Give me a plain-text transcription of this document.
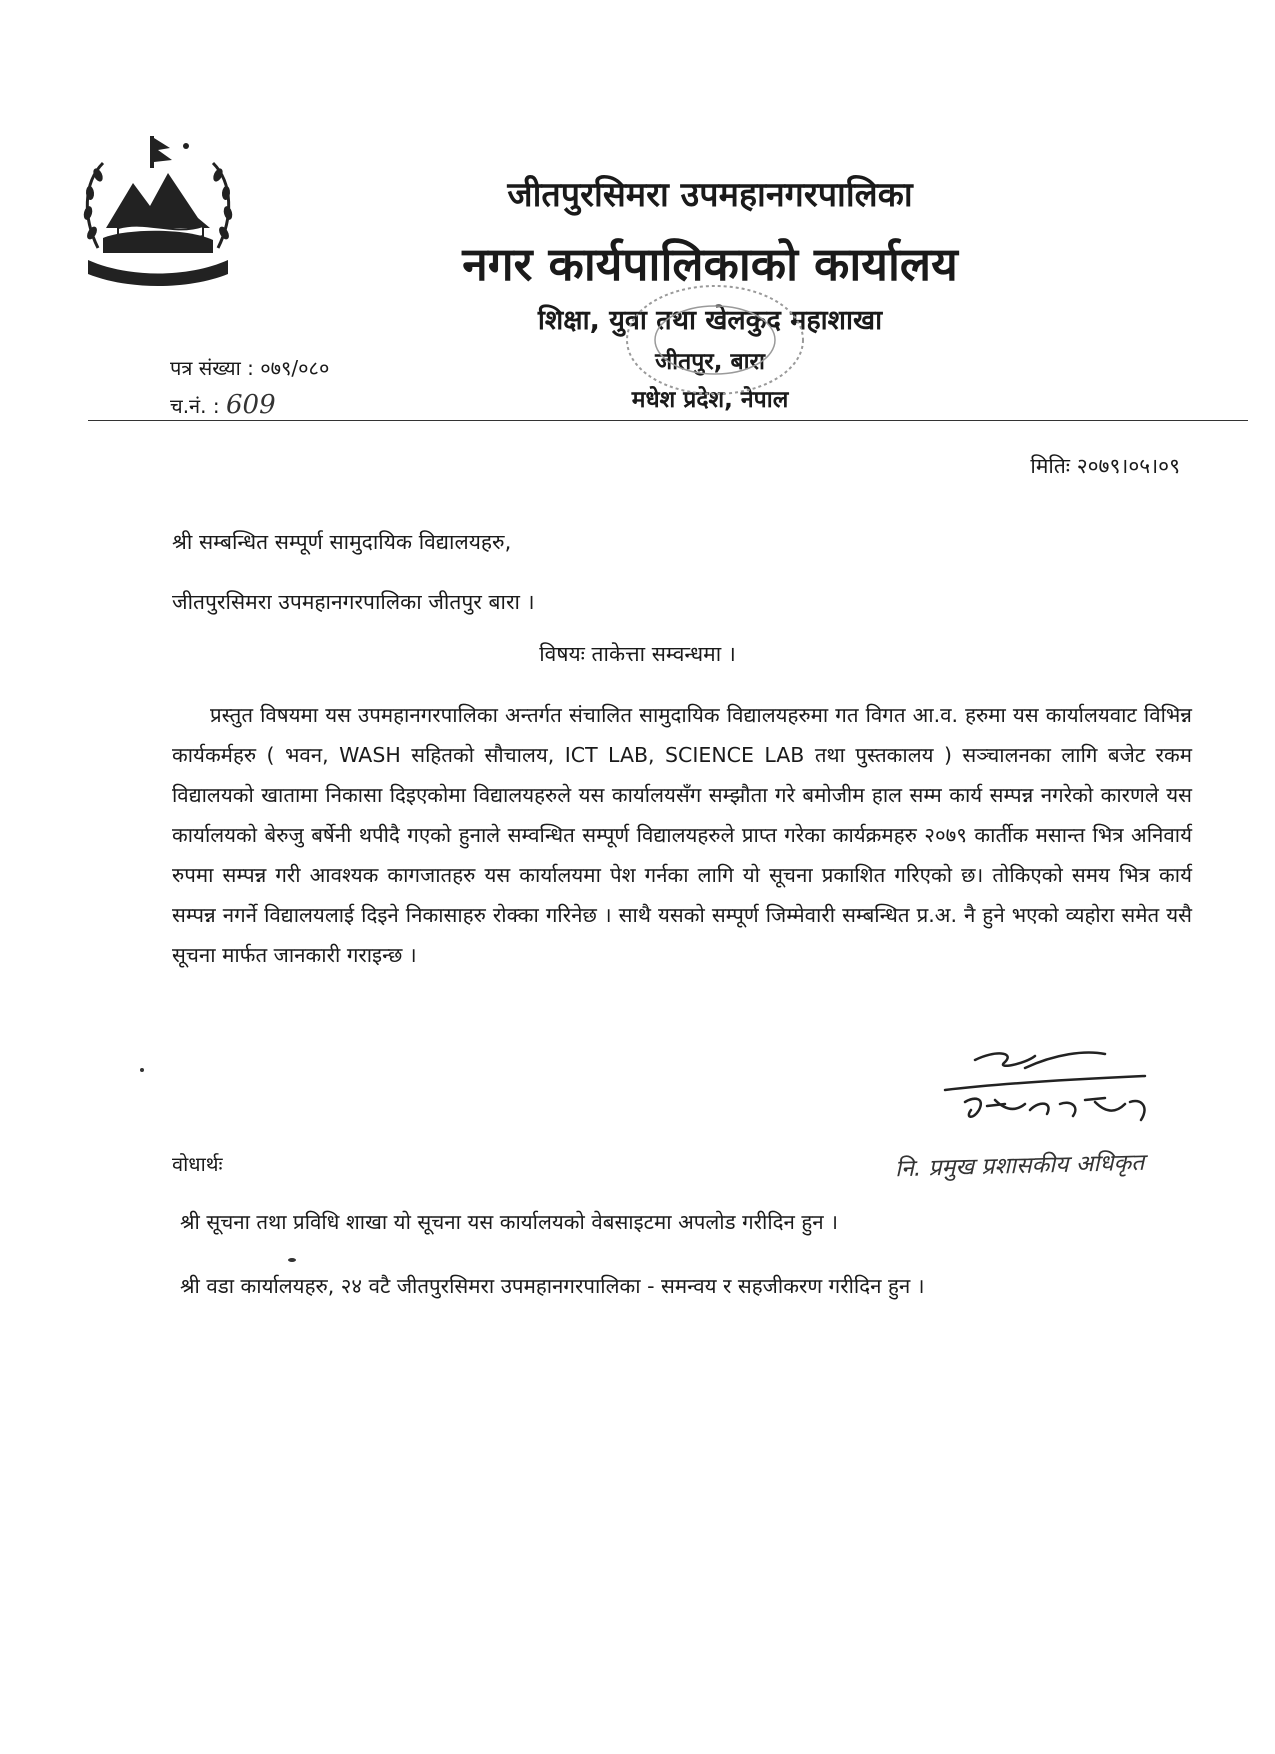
जीतपुरसिमरा उपमहानगरपालिका
नगर कार्यपालिकाको कार्यालय
शिक्षा, युवा तथा खेलकुद महाशाखा
जीतपुर, बारा
मधेश प्रदेश, नेपाल
पत्र संख्या : ०७९/०८०
च.नं. : 609
मितिः २०७९।०५।०९
श्री सम्बन्धित सम्पूर्ण सामुदायिक विद्यालयहरु,
जीतपुरसिमरा उपमहानगरपालिका जीतपुर बारा ।
विषयः ताकेत्ता सम्वन्धमा ।
प्रस्तुत विषयमा यस उपमहानगरपालिका अन्तर्गत संचालित सामुदायिक विद्यालयहरुमा गत विगत आ.व. हरुमा यस कार्यालयवाट विभिन्न कार्यकर्महरु ( भवन, WASH सहितको सौचालय, ICT LAB, SCIENCE LAB तथा पुस्तकालय ) सञ्चालनका लागि बजेट रकम विद्यालयको खातामा निकासा दिइएकोमा विद्यालयहरुले यस कार्यालयसँग सम्झौता गरे बमोजीम हाल सम्म कार्य सम्पन्न नगरेको कारणले यस कार्यालयको बेरुजु बर्षेनी थपीदै गएको हुनाले सम्वन्धित सम्पूर्ण विद्यालयहरुले प्राप्त गरेका कार्यक्रमहरु २०७९ कार्तीक मसान्त भित्र अनिवार्य रुपमा सम्पन्न गरी आवश्यक कागजातहरु यस कार्यालयमा पेश गर्नका लागि यो सूचना प्रकाशित गरिएको छ। तोकिएको समय भित्र कार्य सम्पन्न नगर्ने विद्यालयलाई दिइने निकासाहरु रोक्का गरिनेछ । साथै यसको सम्पूर्ण जिम्मेवारी सम्बन्धित प्र.अ. नै हुने भएको व्यहोरा समेत यसै सूचना मार्फत जानकारी गराइन्छ ।
नि. प्रमुख प्रशासकीय अधिकृत
वोधार्थः
श्री सूचना तथा प्रविधि शाखा यो सूचना यस कार्यालयको वेबसाइटमा अपलोड गरीदिन हुन ।
श्री वडा कार्यालयहरु, २४ वटै जीतपुरसिमरा उपमहानगरपालिका - समन्वय र सहजीकरण गरीदिन हुन ।
